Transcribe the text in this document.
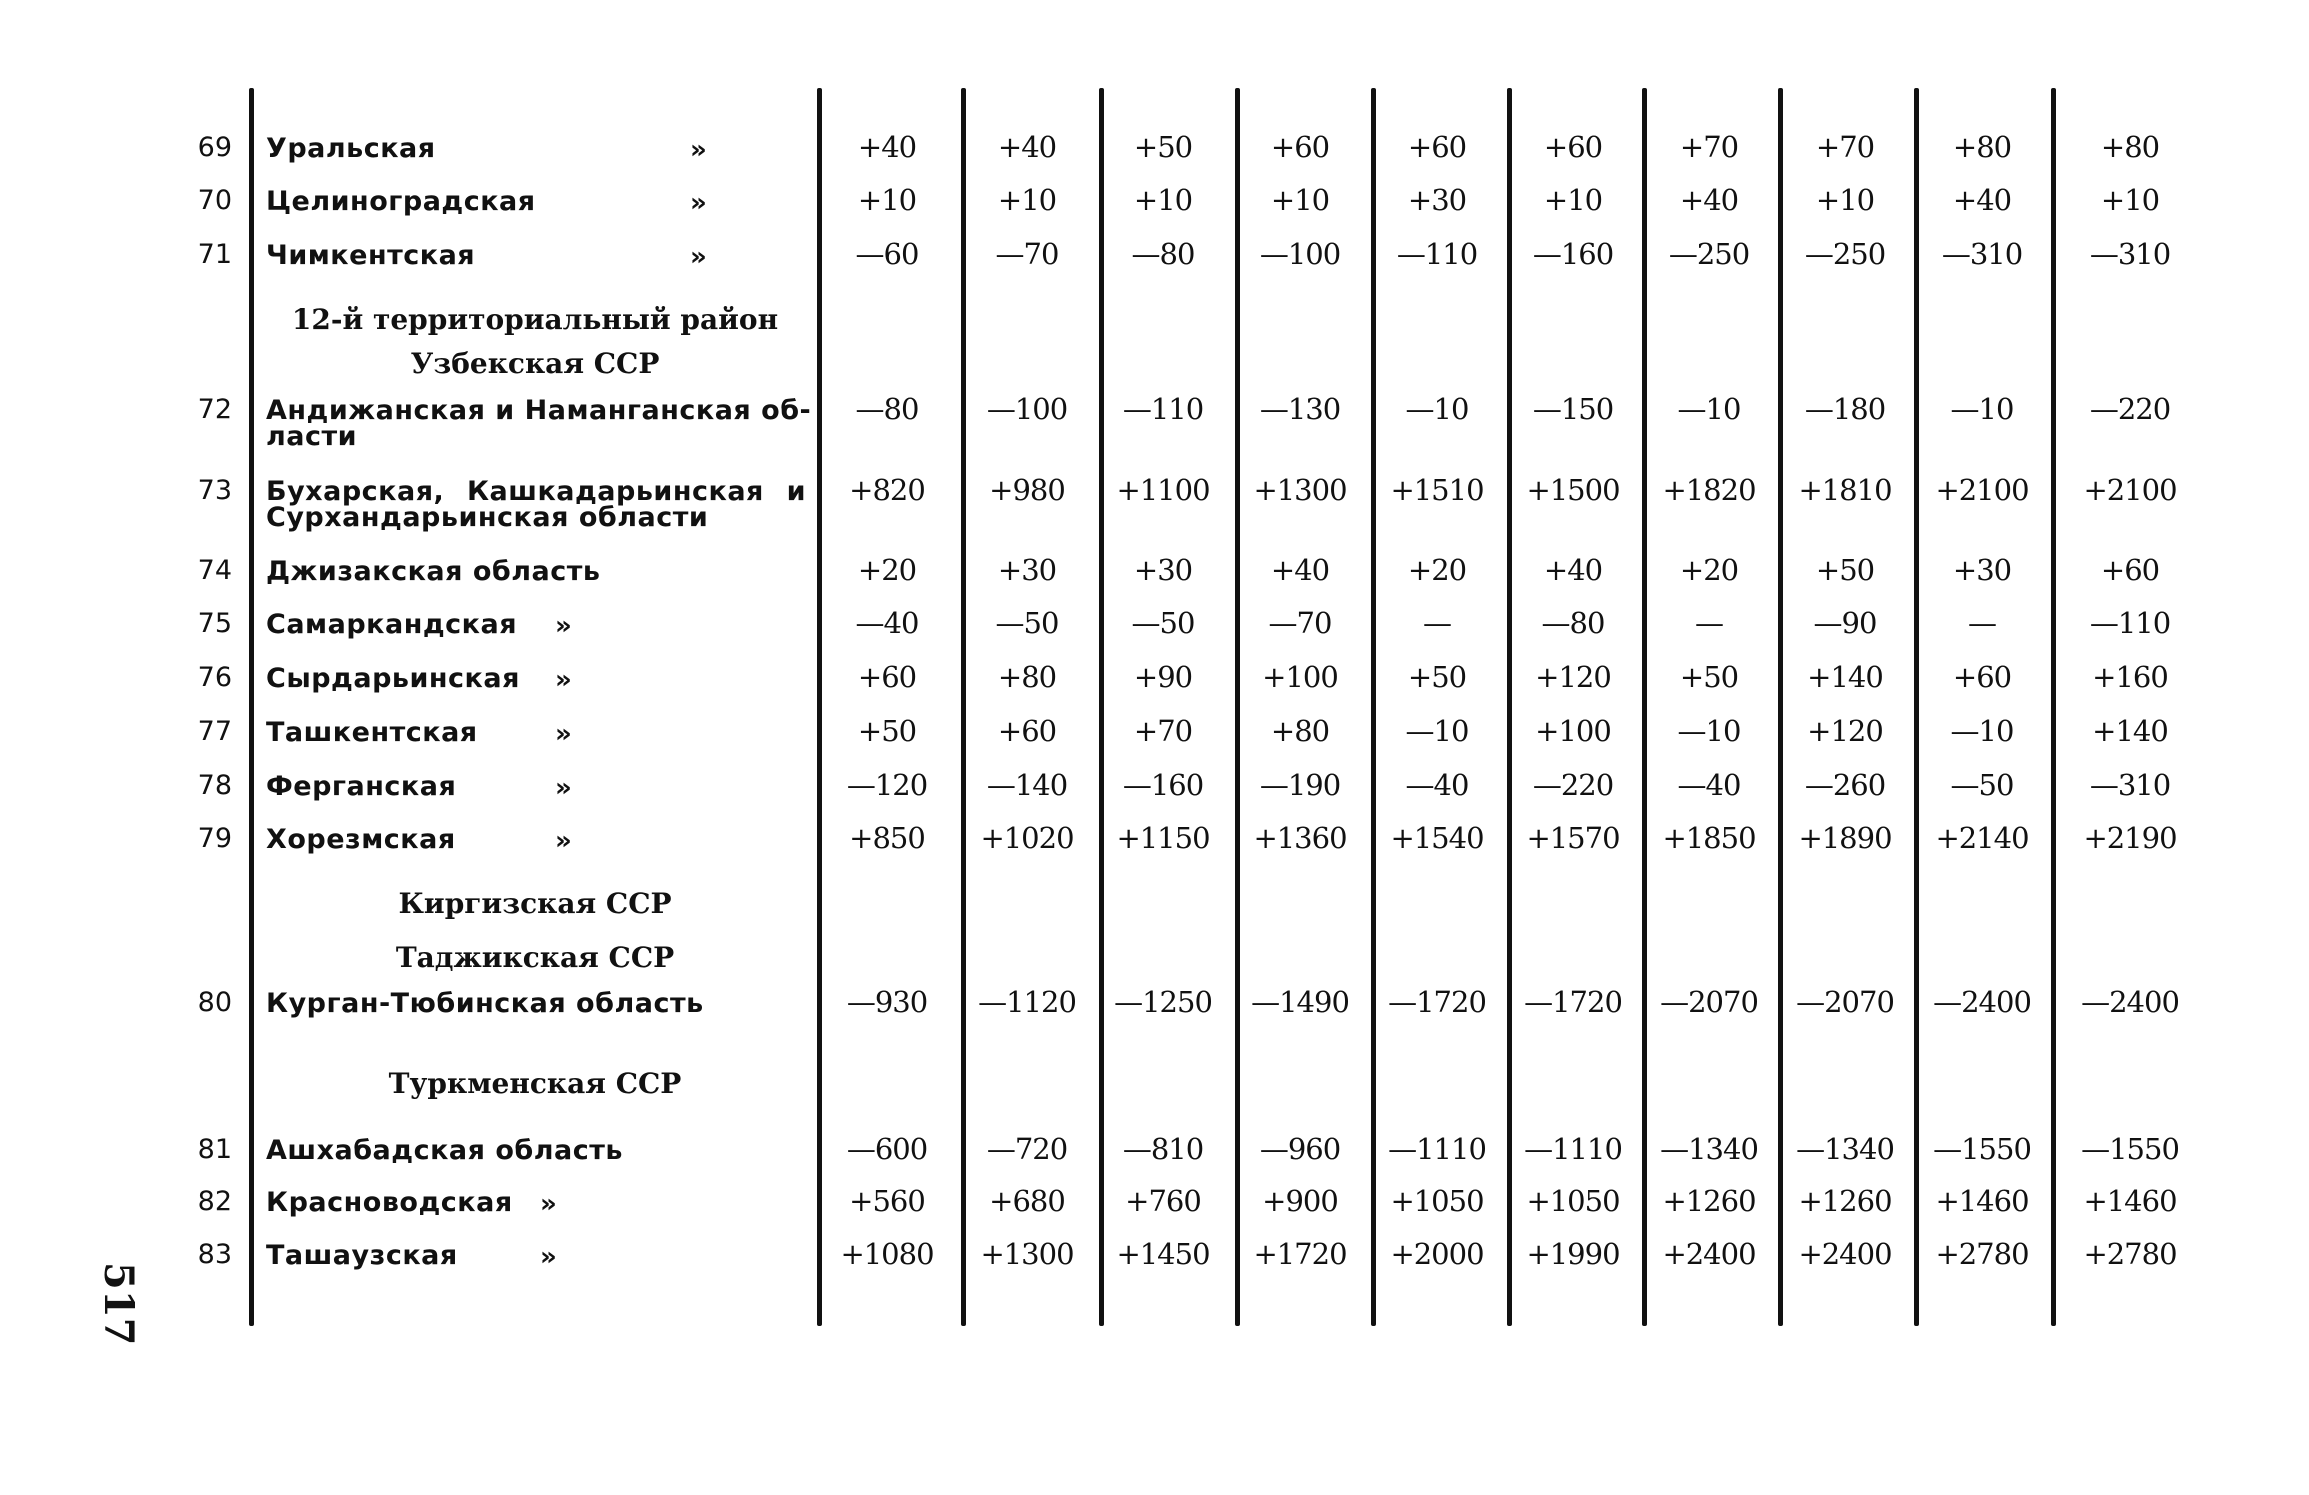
69 Уральская	»	+40	+40	+50	+60	+60	+60	+70	+70	+80	+80
70 Целиноградская	»	+10	+10	+10	+10	+30	+10	+40	+10	+40	+10
71 Чимкентская	»	—60	—70	—80	—100	—110	—160	—250	—250	—310	—310
72 Андижанская и Наманганская об-
ласти
—80	—100	—110	—130	—10	—150	—10	—180	—10	—220
73 Бухарская, Кашкадарьинская и
Сурхандарьинская области
+820	+980	+1100	+1300	+1510	+1500	+1820	+1810	+2100	+2100
74 Джизакская область	+20	+30	+30	+40	+20	+40	+20	+50	+30	+60
75 Самаркандская »	—40	—50	—50	—70	—	—80	—	—90	—	—110
76 Сырдарьинская »	+60	+80	+90	+100	+50	+120	+50	+140	+60	+160
77 Ташкентская	»	+50	+60	+70	+80	—10	+100	—10	+120	—10	+140
78 Ферганская	»	—120	—140	—160	—190	—40	—220	—40	—260	—50	—310
79 Хорезмская	»	+850	+1020	+1150	+1360	+1540	+1570	+1850	+1890	+2140	+2190
80 Курган-Тюбинская область	—930	—1120	—1250	—1490	—1720	—1720	—2070	—2070	—2400	—2400
81 Ашхабадская область	—600	—720	—810	—960	—1110	—1110	—1340	—1340	—1550	—1550
82 Красноводская »	+560	+680	+760	+900	+1050	+1050	+1260	+1260	+1460	+1460
83 Ташаузская	»	+1080	+1300	+1450	+1720	+2000	+1990	+2400	+2400	+2780	+2780
12-й территориальный район
Узбекская ССР
Киргизская ССР
Таджикская ССР
Туркменская ССР
517
